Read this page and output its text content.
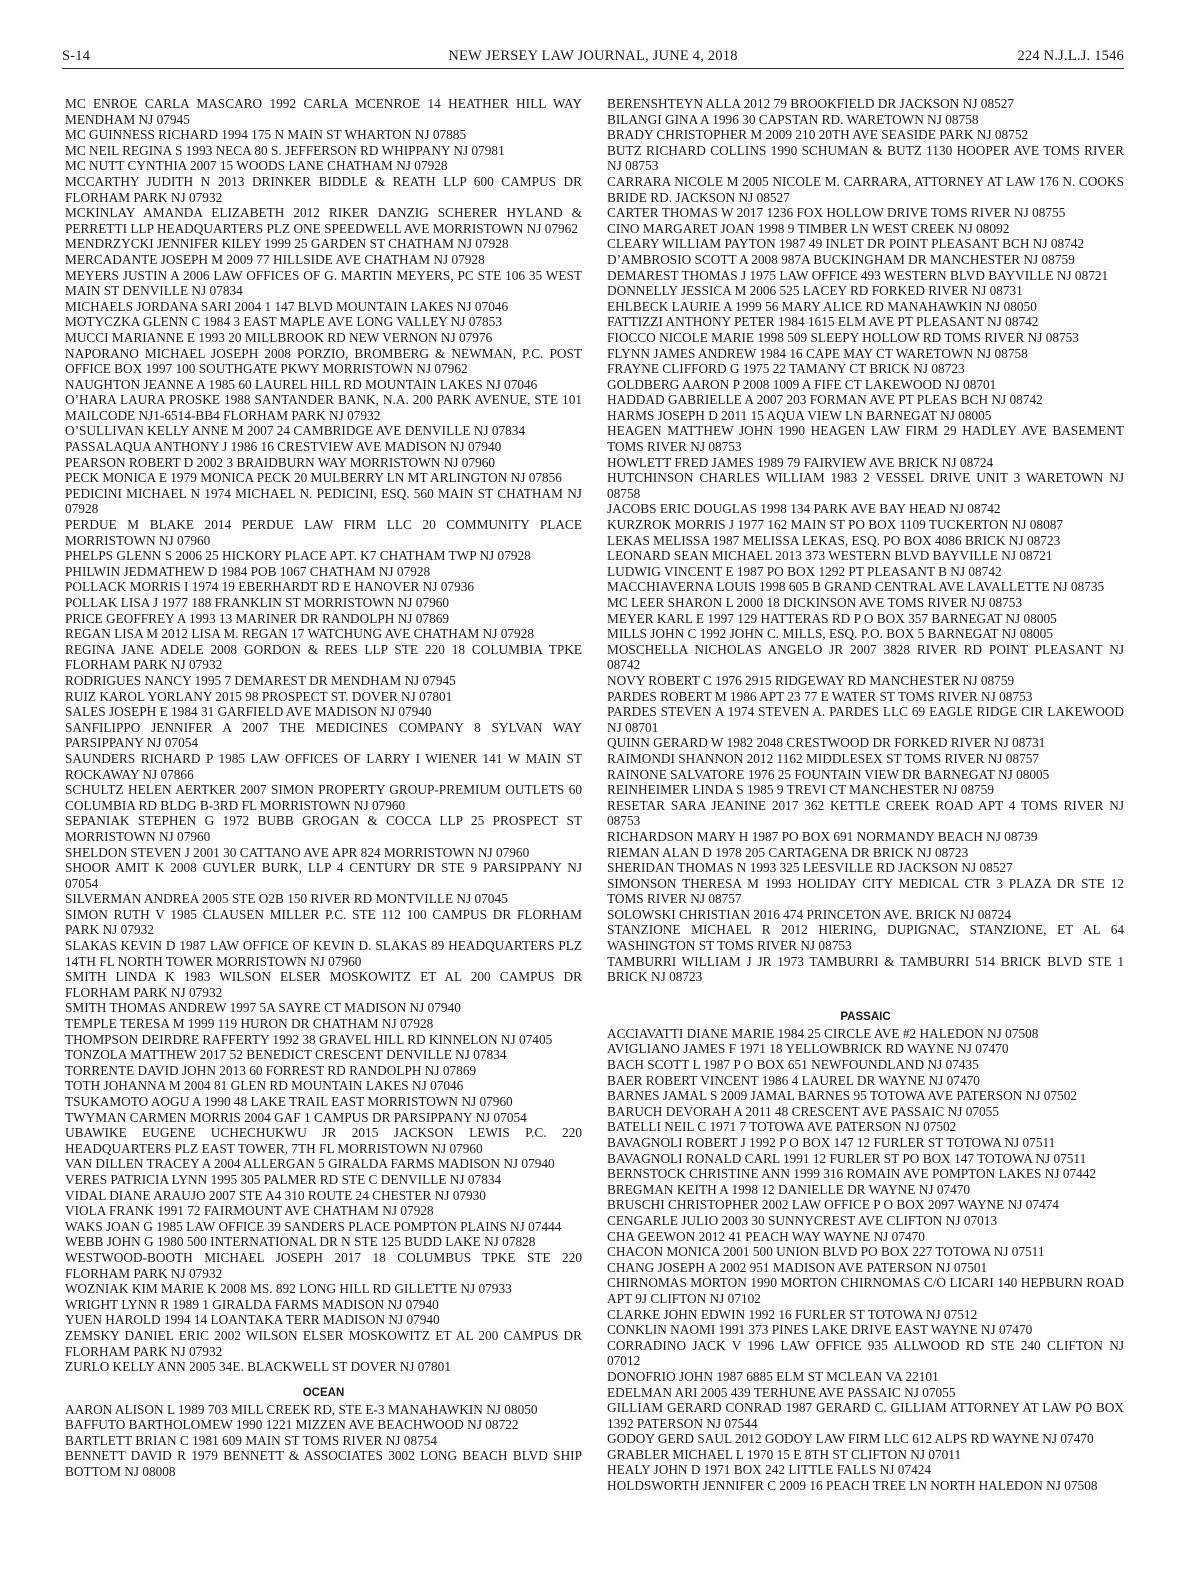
S-14	NEW JERSEY LAW JOURNAL, JUNE 4, 2018	224 N.J.L.J. 1546

MC ENROE CARLA MASCARO 1992 CARLA MCENROE 14 HEATHER HILL WAY MENDHAM NJ 07945

MC GUINNESS RICHARD 1994 175 N MAIN ST WHARTON NJ 07885

MC NEIL REGINA S 1993 NECA 80 S. JEFFERSON RD WHIPPANY NJ 07981

MC NUTT CYNTHIA 2007 15 WOODS LANE CHATHAM NJ 07928

MCCARTHY JUDITH N 2013 DRINKER BIDDLE & REATH LLP 600 CAMPUS DR FLORHAM PARK NJ 07932

MCKINLAY AMANDA ELIZABETH 2012 RIKER DANZIG SCHERER HYLAND & PERRETTI LLP HEADQUARTERS PLZ ONE SPEEDWELL AVE MORRISTOWN NJ 07962

MENDRZYCKI JENNIFER KILEY 1999 25 GARDEN ST CHATHAM NJ 07928

MERCADANTE JOSEPH M 2009 77 HILLSIDE AVE CHATHAM NJ 07928

MEYERS JUSTIN A 2006 LAW OFFICES OF G. MARTIN MEYERS, PC STE 106 35 WEST MAIN ST DENVILLE NJ 07834

MICHAELS JORDANA SARI 2004 1 147 BLVD MOUNTAIN LAKES NJ 07046

MOTYCZKA GLENN C 1984 3 EAST MAPLE AVE LONG VALLEY NJ 07853

MUCCI MARIANNE E 1993 20 MILLBROOK RD NEW VERNON NJ 07976

NAPORANO MICHAEL JOSEPH 2008 PORZIO, BROMBERG & NEWMAN, P.C. POST OFFICE BOX 1997 100 SOUTHGATE PKWY MORRISTOWN NJ 07962

NAUGHTON JEANNE A 1985 60 LAUREL HILL RD MOUNTAIN LAKES NJ 07046

O’HARA LAURA PROSKE 1988 SANTANDER BANK, N.A. 200 PARK AVENUE, STE 101 MAILCODE NJ1-6514-BB4 FLORHAM PARK NJ 07932

O’SULLIVAN KELLY ANNE M 2007 24 CAMBRIDGE AVE DENVILLE NJ 07834

PASSALAQUA ANTHONY J 1986 16 CRESTVIEW AVE MADISON NJ 07940

PEARSON ROBERT D 2002 3 BRAIDBURN WAY MORRISTOWN NJ 07960

PECK MONICA E 1979 MONICA PECK 20 MULBERRY LN MT ARLINGTON NJ 07856

PEDICINI MICHAEL N 1974 MICHAEL N. PEDICINI, ESQ. 560 MAIN ST CHATHAM NJ 07928

PERDUE M BLAKE 2014 PERDUE LAW FIRM LLC 20 COMMUNITY PLACE MORRISTOWN NJ 07960

PHELPS GLENN S 2006 25 HICKORY PLACE APT. K7 CHATHAM TWP NJ 07928

PHILWIN JEDMATHEW D 1984 POB 1067 CHATHAM NJ 07928

POLLACK MORRIS I 1974 19 EBERHARDT RD E HANOVER NJ 07936

POLLAK LISA J 1977 188 FRANKLIN ST MORRISTOWN NJ 07960

PRICE GEOFFREY A 1993 13 MARINER DR RANDOLPH NJ 07869

REGAN LISA M 2012 LISA M. REGAN 17 WATCHUNG AVE CHATHAM NJ 07928

REGINA JANE ADELE 2008 GORDON & REES LLP STE 220 18 COLUMBIA TPKE FLORHAM PARK NJ 07932

RODRIGUES NANCY 1995 7 DEMAREST DR MENDHAM NJ 07945

RUIZ KAROL YORLANY 2015 98 PROSPECT ST. DOVER NJ 07801

SALES JOSEPH E 1984 31 GARFIELD AVE MADISON NJ 07940

SANFILIPPO JENNIFER A 2007 THE MEDICINES COMPANY 8 SYLVAN WAY PARSIPPANY NJ 07054

SAUNDERS RICHARD P 1985 LAW OFFICES OF LARRY I WIENER 141 W MAIN ST ROCKAWAY NJ 07866

SCHULTZ HELEN AERTKER 2007 SIMON PROPERTY GROUP-PREMIUM OUTLETS 60 COLUMBIA RD BLDG B-3RD FL MORRISTOWN NJ 07960

SEPANIAK STEPHEN G 1972 BUBB GROGAN & COCCA LLP 25 PROSPECT ST MORRISTOWN NJ 07960

SHELDON STEVEN J 2001 30 CATTANO AVE APR 824 MORRISTOWN NJ 07960

SHOOR AMIT K 2008 CUYLER BURK, LLP 4 CENTURY DR STE 9 PARSIPPANY NJ 07054

SILVERMAN ANDREA 2005 STE O2B 150 RIVER RD MONTVILLE NJ 07045

SIMON RUTH V 1985 CLAUSEN MILLER P.C. STE 112 100 CAMPUS DR FLORHAM PARK NJ 07932

SLAKAS KEVIN D 1987 LAW OFFICE OF KEVIN D. SLAKAS 89 HEADQUARTERS PLZ 14TH FL NORTH TOWER MORRISTOWN NJ 07960

SMITH LINDA K 1983 WILSON ELSER MOSKOWITZ ET AL 200 CAMPUS DR FLORHAM PARK NJ 07932

SMITH THOMAS ANDREW 1997 5A SAYRE CT MADISON NJ 07940

TEMPLE TERESA M 1999 119 HURON DR CHATHAM NJ 07928

THOMPSON DEIRDRE RAFFERTY 1992 38 GRAVEL HILL RD KINNELON NJ 07405

TONZOLA MATTHEW 2017 52 BENEDICT CRESCENT DENVILLE NJ 07834

TORRENTE DAVID JOHN 2013 60 FORREST RD RANDOLPH NJ 07869

TOTH JOHANNA M 2004 81 GLEN RD MOUNTAIN LAKES NJ 07046

TSUKAMOTO AOGU A 1990 48 LAKE TRAIL EAST MORRISTOWN NJ 07960

TWYMAN CARMEN MORRIS 2004 GAF 1 CAMPUS DR PARSIPPANY NJ 07054

UBAWIKE EUGENE UCHECHUKWU JR 2015 JACKSON LEWIS P.C. 220 HEADQUARTERS PLZ EAST TOWER, 7TH FL MORRISTOWN NJ 07960

VAN DILLEN TRACEY A 2004 ALLERGAN 5 GIRALDA FARMS MADISON NJ 07940

VERES PATRICIA LYNN 1995 305 PALMER RD STE C DENVILLE NJ 07834

VIDAL DIANE ARAUJO 2007 STE A4 310 ROUTE 24 CHESTER NJ 07930

VIOLA FRANK 1991 72 FAIRMOUNT AVE CHATHAM NJ 07928

WAKS JOAN G 1985 LAW OFFICE 39 SANDERS PLACE POMPTON PLAINS NJ 07444

WEBB JOHN G 1980 500 INTERNATIONAL DR N STE 125 BUDD LAKE NJ 07828

WESTWOOD-BOOTH MICHAEL JOSEPH 2017 18 COLUMBUS TPKE STE 220 FLORHAM PARK NJ 07932

WOZNIAK KIM MARIE K 2008 MS. 892 LONG HILL RD GILLETTE NJ 07933

WRIGHT LYNN R 1989 1 GIRALDA FARMS MADISON NJ 07940

YUEN HAROLD 1994 14 LOANTAKA TERR MADISON NJ 07940

ZEMSKY DANIEL ERIC 2002 WILSON ELSER MOSKOWITZ ET AL 200 CAMPUS DR FLORHAM PARK NJ 07932

ZURLO KELLY ANN 2005 34E. BLACKWELL ST DOVER NJ 07801

OCEAN

AARON ALISON L 1989 703 MILL CREEK RD, STE E-3 MANAHAWKIN NJ 08050

BAFFUTO BARTHOLOMEW 1990 1221 MIZZEN AVE BEACHWOOD NJ 08722

BARTLETT BRIAN C 1981 609 MAIN ST TOMS RIVER NJ 08754

BENNETT DAVID R 1979 BENNETT & ASSOCIATES 3002 LONG BEACH BLVD SHIP BOTTOM NJ 08008

BERENSHTEYN ALLA 2012 79 BROOKFIELD DR JACKSON NJ 08527

BILANGI GINA A 1996 30 CAPSTAN RD. WARETOWN NJ 08758

BRADY CHRISTOPHER M 2009 210 20TH AVE SEASIDE PARK NJ 08752

BUTZ RICHARD COLLINS 1990 SCHUMAN & BUTZ 1130 HOOPER AVE TOMS RIVER NJ 08753

CARRARA NICOLE M 2005 NICOLE M. CARRARA, ATTORNEY AT LAW 176 N. COOKS BRIDE RD. JACKSON NJ 08527

CARTER THOMAS W 2017 1236 FOX HOLLOW DRIVE TOMS RIVER NJ 08755

CINO MARGARET JOAN 1998 9 TIMBER LN WEST CREEK NJ 08092

CLEARY WILLIAM PAYTON 1987 49 INLET DR POINT PLEASANT BCH NJ 08742

D’AMBROSIO SCOTT A 2008 987A BUCKINGHAM DR MANCHESTER NJ 08759

DEMAREST THOMAS J 1975 LAW OFFICE 493 WESTERN BLVD BAYVILLE NJ 08721

DONNELLY JESSICA M 2006 525 LACEY RD FORKED RIVER NJ 08731

EHLBECK LAURIE A 1999 56 MARY ALICE RD MANAHAWKIN NJ 08050

FATTIZZI ANTHONY PETER 1984 1615 ELM AVE PT PLEASANT NJ 08742

FIOCCO NICOLE MARIE 1998 509 SLEEPY HOLLOW RD TOMS RIVER NJ 08753

FLYNN JAMES ANDREW 1984 16 CAPE MAY CT WARETOWN NJ 08758

FRAYNE CLIFFORD G 1975 22 TAMANY CT BRICK NJ 08723

GOLDBERG AARON P 2008 1009 A FIFE CT LAKEWOOD NJ 08701

HADDAD GABRIELLE A 2007 203 FORMAN AVE PT PLEAS BCH NJ 08742

HARMS JOSEPH D 2011 15 AQUA VIEW LN BARNEGAT NJ 08005

HEAGEN MATTHEW JOHN 1990 HEAGEN LAW FIRM 29 HADLEY AVE BASEMENT TOMS RIVER NJ 08753

HOWLETT FRED JAMES 1989 79 FAIRVIEW AVE BRICK NJ 08724

HUTCHINSON CHARLES WILLIAM 1983 2 VESSEL DRIVE UNIT 3 WARETOWN NJ 08758

JACOBS ERIC DOUGLAS 1998 134 PARK AVE BAY HEAD NJ 08742

KURZROK MORRIS J 1977 162 MAIN ST PO BOX 1109 TUCKERTON NJ 08087

LEKAS MELISSA 1987 MELISSA LEKAS, ESQ. PO BOX 4086 BRICK NJ 08723

LEONARD SEAN MICHAEL 2013 373 WESTERN BLVD BAYVILLE NJ 08721

LUDWIG VINCENT E 1987 PO BOX 1292 PT PLEASANT B NJ 08742

MACCHIAVERNA LOUIS 1998 605 B GRAND CENTRAL AVE LAVALLETTE NJ 08735

MC LEER SHARON L 2000 18 DICKINSON AVE TOMS RIVER NJ 08753

MEYER KARL E 1997 129 HATTERAS RD P O BOX 357 BARNEGAT NJ 08005

MILLS JOHN C 1992 JOHN C. MILLS, ESQ. P.O. BOX 5 BARNEGAT NJ 08005

MOSCHELLA NICHOLAS ANGELO JR 2007 3828 RIVER RD POINT PLEASANT NJ 08742

NOVY ROBERT C 1976 2915 RIDGEWAY RD MANCHESTER NJ 08759

PARDES ROBERT M 1986 APT 23 77 E WATER ST TOMS RIVER NJ 08753

PARDES STEVEN A 1974 STEVEN A. PARDES LLC 69 EAGLE RIDGE CIR LAKEWOOD NJ 08701

QUINN GERARD W 1982 2048 CRESTWOOD DR FORKED RIVER NJ 08731

RAIMONDI SHANNON 2012 1162 MIDDLESEX ST TOMS RIVER NJ 08757

RAINONE SALVATORE 1976 25 FOUNTAIN VIEW DR BARNEGAT NJ 08005

REINHEIMER LINDA S 1985 9 TREVI CT MANCHESTER NJ 08759

RESETAR SARA JEANINE 2017 362 KETTLE CREEK ROAD APT 4 TOMS RIVER NJ 08753

RICHARDSON MARY H 1987 PO BOX 691 NORMANDY BEACH NJ 08739

RIEMAN ALAN D 1978 205 CARTAGENA DR BRICK NJ 08723

SHERIDAN THOMAS N 1993 325 LEESVILLE RD JACKSON NJ 08527

SIMONSON THERESA M 1993 HOLIDAY CITY MEDICAL CTR 3 PLAZA DR STE 12 TOMS RIVER NJ 08757

SOLOWSKI CHRISTIAN 2016 474 PRINCETON AVE. BRICK NJ 08724

STANZIONE MICHAEL R 2012 HIERING, DUPIGNAC, STANZIONE, ET AL 64 WASHINGTON ST TOMS RIVER NJ 08753

TAMBURRI WILLIAM J JR 1973 TAMBURRI & TAMBURRI 514 BRICK BLVD STE 1 BRICK NJ 08723

PASSAIC

ACCIAVATTI DIANE MARIE 1984 25 CIRCLE AVE #2 HALEDON NJ 07508

AVIGLIANO JAMES F 1971 18 YELLOWBRICK RD WAYNE NJ 07470

BACH SCOTT L 1987 P O BOX 651 NEWFOUNDLAND NJ 07435

BAER ROBERT VINCENT 1986 4 LAUREL DR WAYNE NJ 07470

BARNES JAMAL S 2009 JAMAL BARNES 95 TOTOWA AVE PATERSON NJ 07502

BARUCH DEVORAH A 2011 48 CRESCENT AVE PASSAIC NJ 07055

BATELLI NEIL C 1971 7 TOTOWA AVE PATERSON NJ 07502

BAVAGNOLI ROBERT J 1992 P O BOX 147 12 FURLER ST TOTOWA NJ 07511

BAVAGNOLI RONALD CARL 1991 12 FURLER ST PO BOX 147 TOTOWA NJ 07511

BERNSTOCK CHRISTINE ANN 1999 316 ROMAIN AVE POMPTON LAKES NJ 07442

BREGMAN KEITH A 1998 12 DANIELLE DR WAYNE NJ 07470

BRUSCHI CHRISTOPHER 2002 LAW OFFICE P O BOX 2097 WAYNE NJ 07474

CENGARLE JULIO 2003 30 SUNNYCREST AVE CLIFTON NJ 07013

CHA GEEWON 2012 41 PEACH WAY WAYNE NJ 07470

CHACON MONICA 2001 500 UNION BLVD PO BOX 227 TOTOWA NJ 07511

CHANG JOSEPH A 2002 951 MADISON AVE PATERSON NJ 07501

CHIRNOMAS MORTON 1990 MORTON CHIRNOMAS C/O LICARI 140 HEPBURN ROAD APT 9J CLIFTON NJ 07102

CLARKE JOHN EDWIN 1992 16 FURLER ST TOTOWA NJ 07512

CONKLIN NAOMI 1991 373 PINES LAKE DRIVE EAST WAYNE NJ 07470

CORRADINO JACK V 1996 LAW OFFICE 935 ALLWOOD RD STE 240 CLIFTON NJ 07012

DONOFRIO JOHN 1987 6885 ELM ST MCLEAN VA 22101

EDELMAN ARI 2005 439 TERHUNE AVE PASSAIC NJ 07055

GILLIAM GERARD CONRAD 1987 GERARD C. GILLIAM ATTORNEY AT LAW PO BOX 1392 PATERSON NJ 07544

GODOY GERD SAUL 2012 GODOY LAW FIRM LLC 612 ALPS RD WAYNE NJ 07470

GRABLER MICHAEL L 1970 15 E 8TH ST CLIFTON NJ 07011

HEALY JOHN D 1971 BOX 242 LITTLE FALLS NJ 07424

HOLDSWORTH JENNIFER C 2009 16 PEACH TREE LN NORTH HALEDON NJ 07508
